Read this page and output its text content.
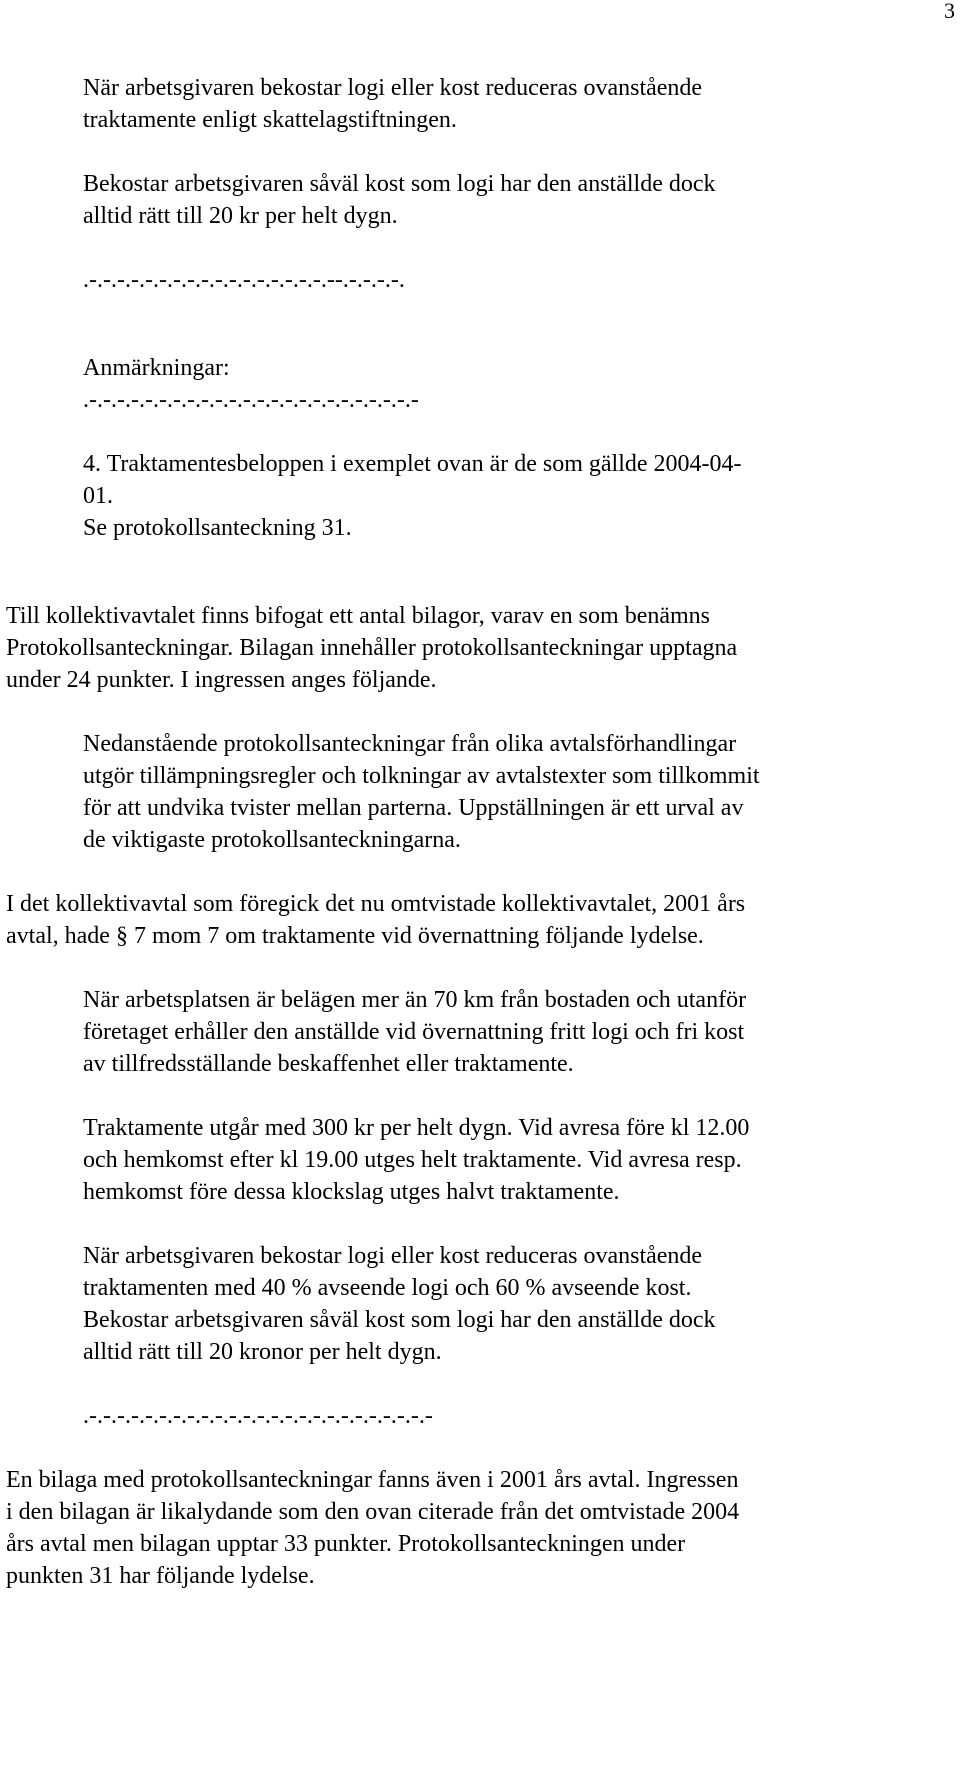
3
När arbetsgivaren bekostar logi eller kost reduceras ovanstående
traktamente enligt skattelagstiftningen.
Bekostar arbetsgivaren såväl kost som logi har den anställde dock
alltid rätt till 20 kr per helt dygn.
.-.-.-.-.-.-.-.-.-.-.-.-.-.-.-.-.-.--.-.-.-.-.
Anmärkningar:
.-.-.-.-.-.-.-.-.-.-.-.-.-.-.-.-.-.-.-.-.-.-.-.-
4. Traktamentesbeloppen i exemplet ovan är de som gällde 2004-04-
01.
Se protokollsanteckning 31.
Till kollektivavtalet finns bifogat ett antal bilagor, varav en som benämns
Protokollsanteckningar. Bilagan innehåller protokollsanteckningar upptagna
under 24 punkter. I ingressen anges följande.
Nedanstående protokollsanteckningar från olika avtalsförhandlingar
utgör tillämpningsregler och tolkningar av avtalstexter som tillkommit
för att undvika tvister mellan parterna. Uppställningen är ett urval av
de viktigaste protokollsanteckningarna.
I det kollektivavtal som föregick det nu omtvistade kollektivavtalet, 2001 års
avtal, hade § 7 mom 7 om traktamente vid övernattning följande lydelse.
När arbetsplatsen är belägen mer än 70 km från bostaden och utanför
företaget erhåller den anställde vid övernattning fritt logi och fri kost
av tillfredsställande beskaffenhet eller traktamente.
Traktamente utgår med 300 kr per helt dygn. Vid avresa före kl 12.00
och hemkomst efter kl 19.00 utges helt traktamente. Vid avresa resp.
hemkomst före dessa klockslag utges halvt traktamente.
När arbetsgivaren bekostar logi eller kost reduceras ovanstående
traktamenten med 40 % avseende logi och 60 % avseende kost.
Bekostar arbetsgivaren såväl kost som logi har den anställde dock
alltid rätt till 20 kronor per helt dygn.
.-.-.-.-.-.-.-.-.-.-.-.-.-.-.-.-.-.-.-.-.-.-.-.-.-
En bilaga med protokollsanteckningar fanns även i 2001 års avtal. Ingressen
i den bilagan är likalydande som den ovan citerade från det omtvistade 2004
års avtal men bilagan upptar 33 punkter. Protokollsanteckningen under
punkten 31 har följande lydelse.
